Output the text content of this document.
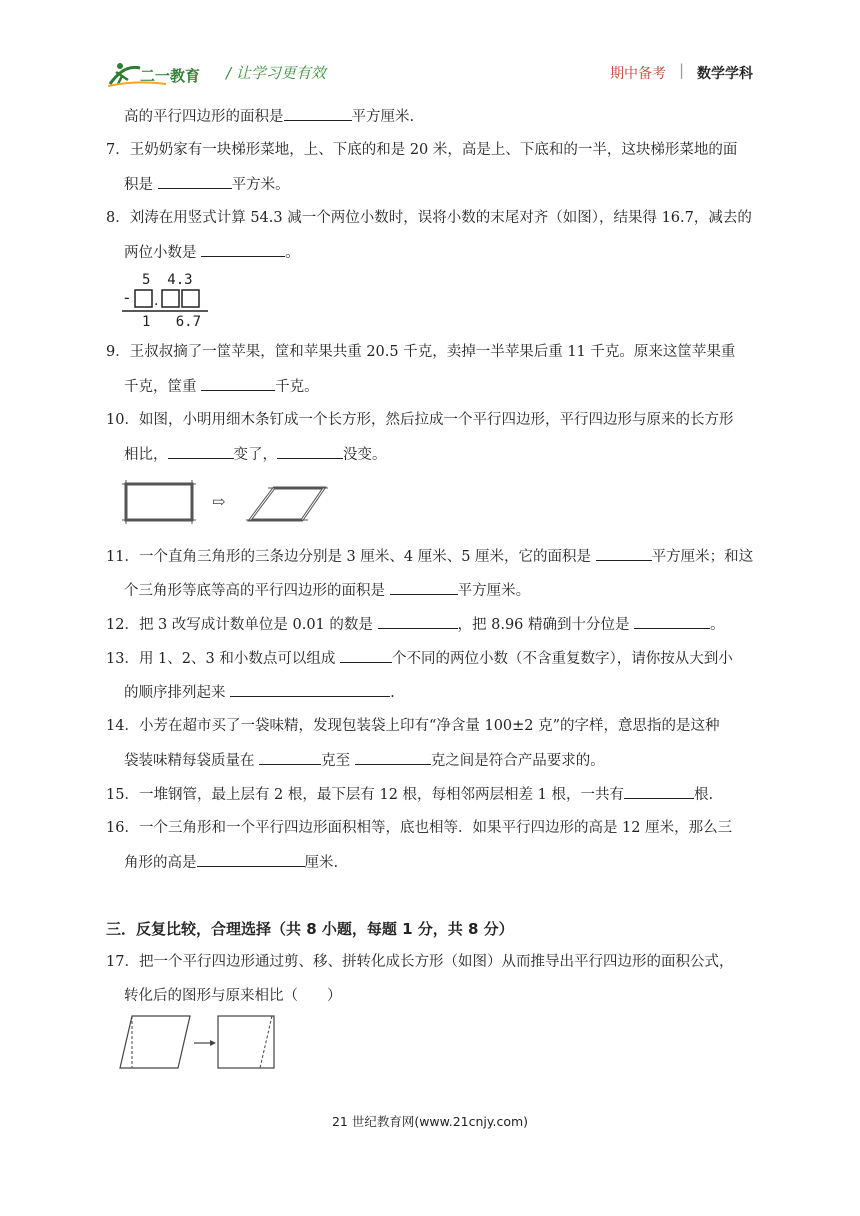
二一教育 / 让学习更有效	期中备考 | 数学学科
高的平行四边形的面积是	平方厘米.
7．王奶奶家有一块梯形菜地，上、下底的和是 20 米，高是上、下底和的一半，这块梯形菜地的面
积是	平方米。
8．刘涛在用竖式计算 54.3 减一个两位小数时，误将小数的末尾对齐（如图），结果得 16.7，减去的
两位小数是	。
5  4.3
- .
1   6.7
9．王叔叔摘了一筐苹果，筐和苹果共重 20.5 千克，卖掉一半苹果后重 11 千克。原来这筐苹果重
千克，筐重	千克。
10．如图，小明用细木条钉成一个长方形，然后拉成一个平行四边形，平行四边形与原来的长方形
相比，	变了，	没变。
⇨
11．一个直角三角形的三条边分别是 3 厘米、4 厘米、5 厘米，它的面积是	平方厘米；和这
个三角形等底等高的平行四边形的面积是	平方厘米。
12．把 3 改写成计数单位是 0.01 的数是	，把 8.96 精确到十分位是	。
13．用 1、2、3 和小数点可以组成	个不同的两位小数（不含重复数字），请你按从大到小
的顺序排列起来	.
14．小芳在超市买了一袋味精，发现包装袋上印有“净含量 100±2 克”的字样，意思指的是这种
袋装味精每袋质量在	克至	克之间是符合产品要求的。
15．一堆钢管，最上层有 2 根，最下层有 12 根，每相邻两层相差 1 根，一共有	根.
16．一个三角形和一个平行四边形面积相等，底也相等．如果平行四边形的高是 12 厘米，那么三
角形的高是	厘米.
三．反复比较，合理选择（共 8 小题，每题 1 分，共 8 分）
17．把一个平行四边形通过剪、移、拼转化成长方形（如图）从而推导出平行四边形的面积公式，
转化后的图形与原来相比（　　）
21 世纪教育网(www.21cnjy.com)
